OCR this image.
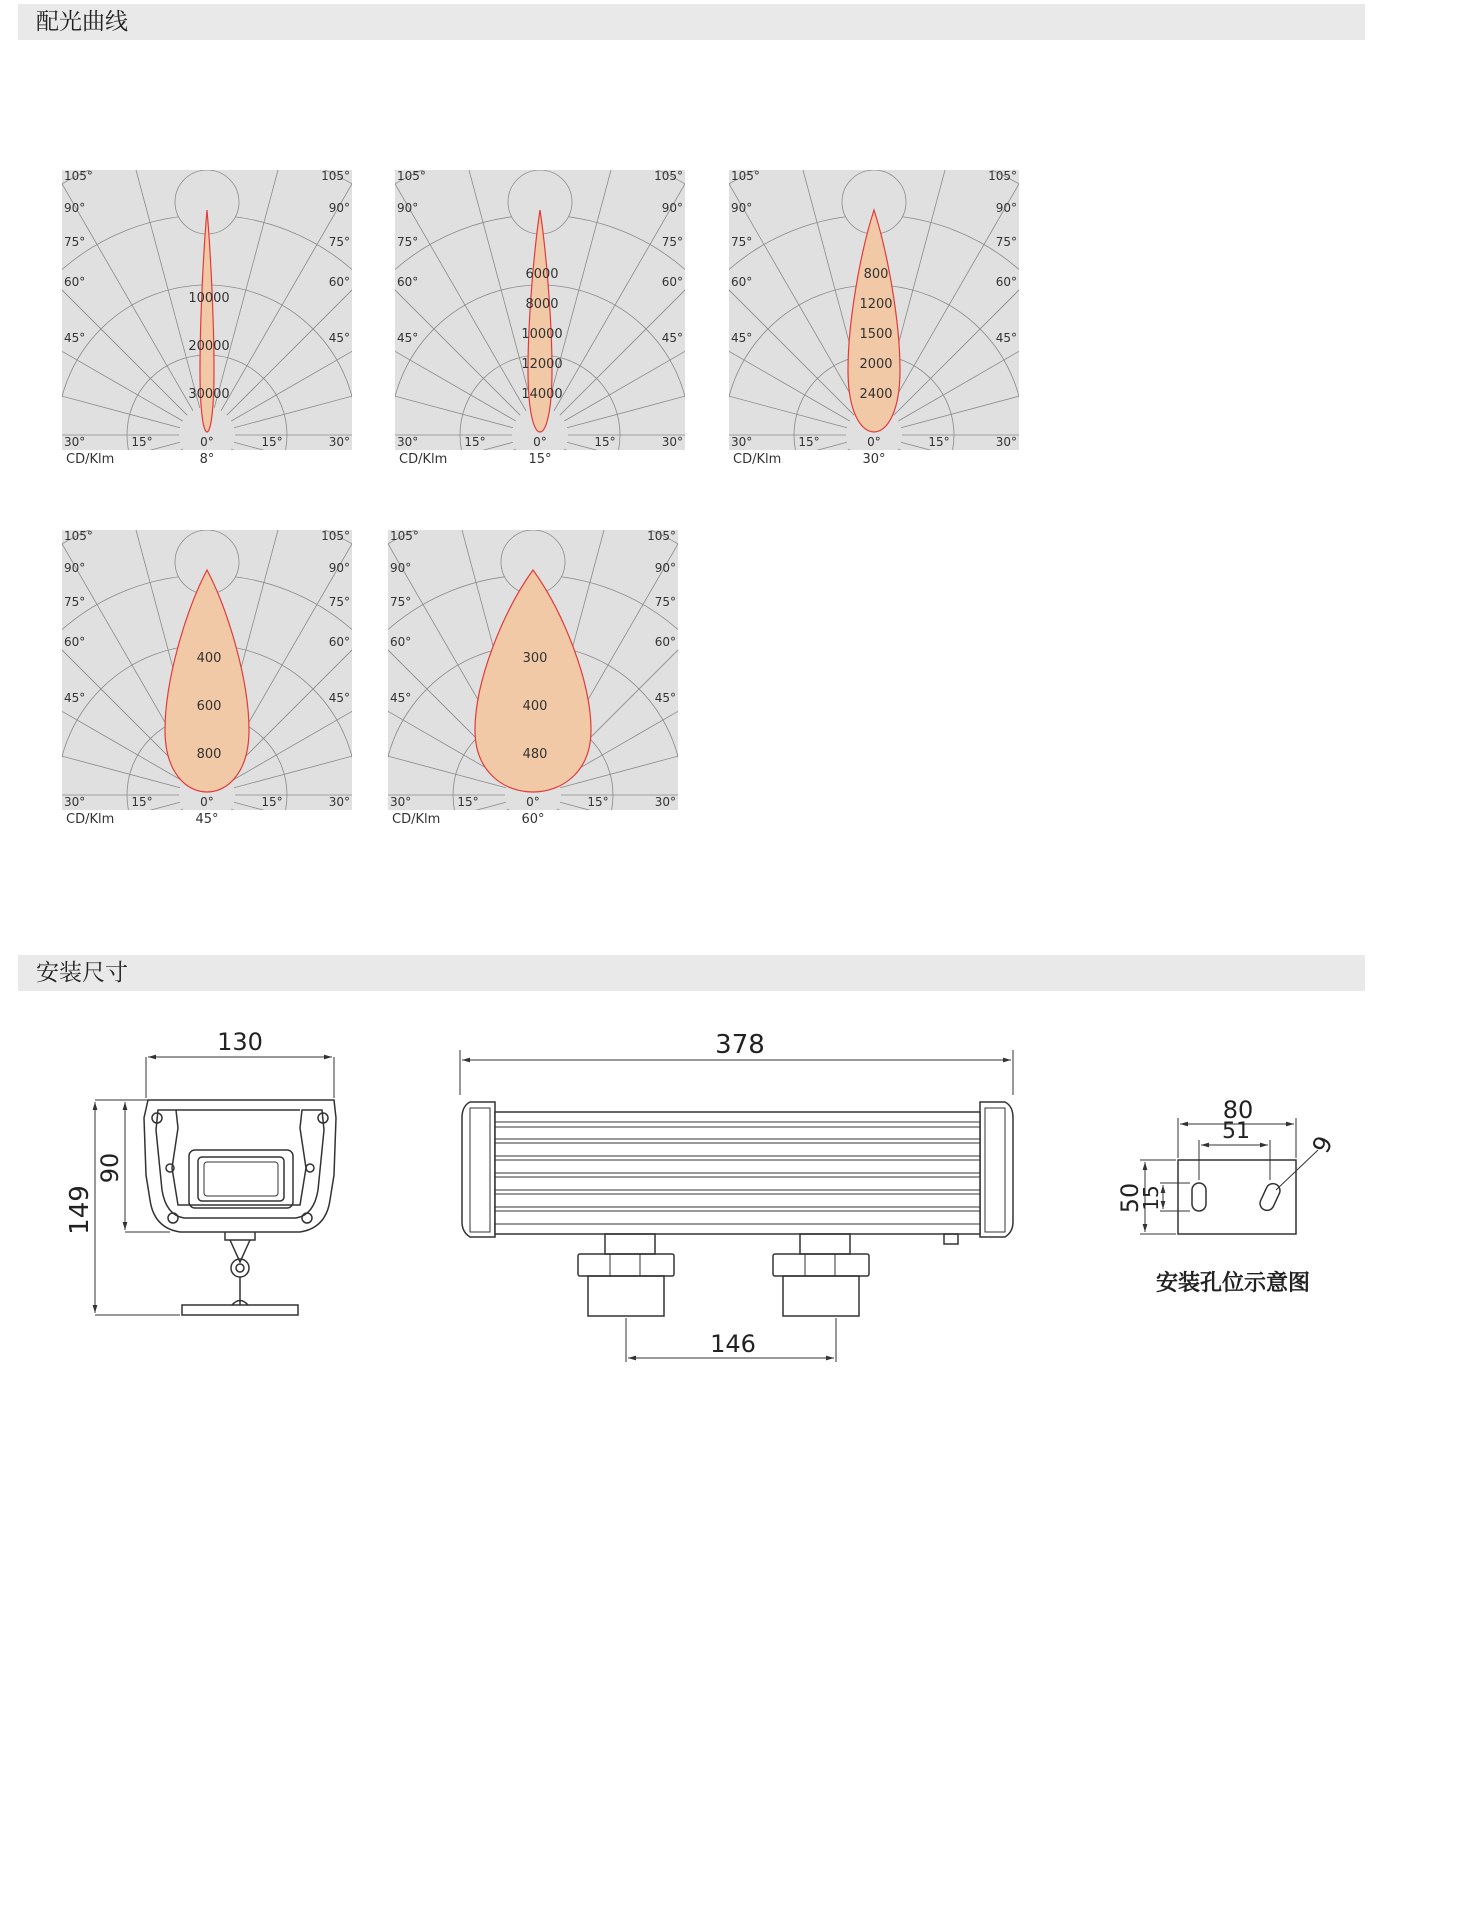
配光曲线
10000
20000
30000
105°	105°
90°	90°
75°	75°
60°	60°
45°	45°
30°	15°	0°	15°	30°
CD/Klm	8°
6000
8000
10000
12000
14000
105°	105°
90°	90°
75°	75°
60°	60°
45°	45°
30°	15°	0°	15°	30°
CD/Klm	15°
800
1200
1500
2000
2400
105°	105°
90°	90°
75°	75°
60°	60°
45°	45°
30°	15°	0°	15°	30°
CD/Klm	30°
400
600
800
105°	105°
90°	90°
75°	75°
60°	60°
45°	45°
30°	15°	0°	15°	30°
CD/Klm	45°
300
400
480
105°	105°
90°	90°
75°	75°
60°	60°
45°	45°
30°	15°	0°	15°	30°
CD/Klm	60°
安装尺寸
130
149
90
378
146
80
51
50
15
9
安装孔位示意图
